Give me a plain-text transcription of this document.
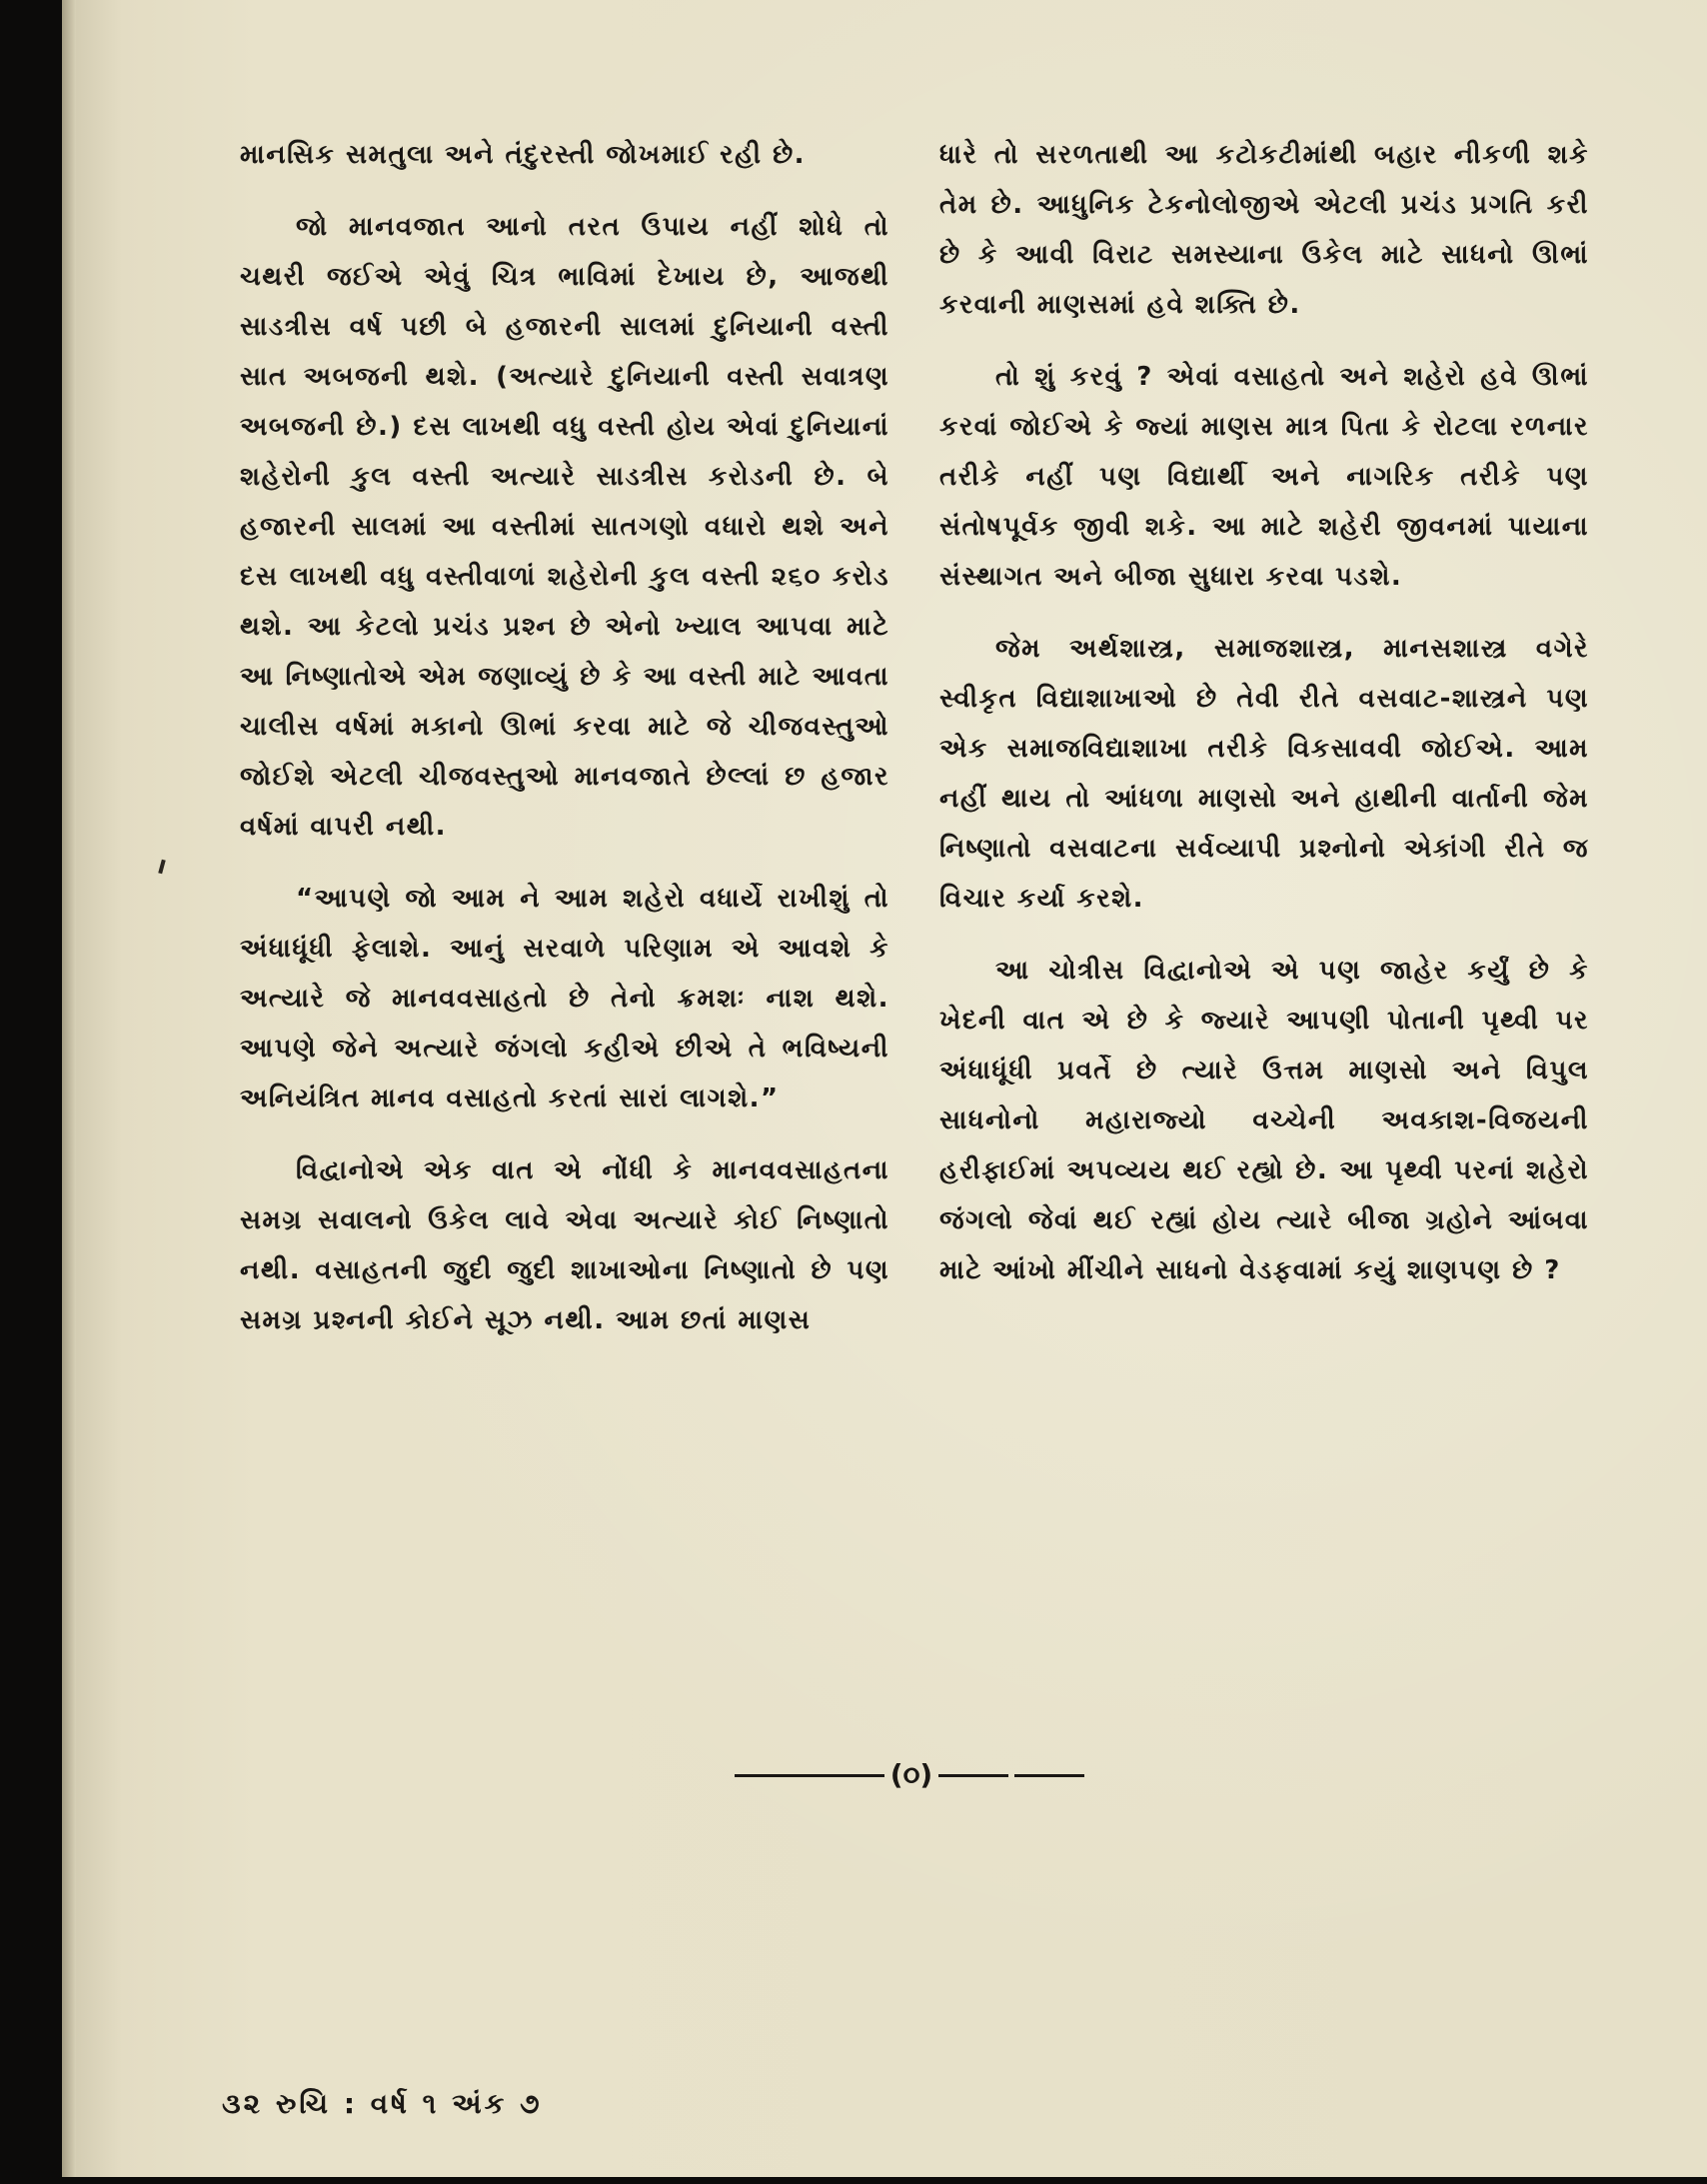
માનસિક સમતુલા અને તંદુરસ્તી જોખમાઈ રહી છે.

જો માનવજાત આનો તરત ઉપાય નહીં શોધે તો ચથરી જઈએ એવું ચિત્ર ભાવિમાં દેખાય છે, આજથી સાડત્રીસ વર્ષ પછી બે હજારની સાલમાં દુનિયાની વસ્તી સાત અબજની થશે. (અત્યારે દુનિયાની વસ્તી સવાત્રણ અબજની છે.) દસ લાખથી વધુ વસ્તી હોય એવાં દુનિયાનાં શહેરોની કુલ વસ્તી અત્યારે સાડત્રીસ કરોડની છે. બે હજારની સાલમાં આ વસ્તીમાં સાતગણો વધારો થશે અને દસ લાખથી વધુ વસ્તીવાળાં શહેરોની કુલ વસ્તી ૨૬૦ કરોડ થશે. આ કેટલો પ્રચંડ પ્રશ્ન છે એનો ખ્યાલ આપવા માટે આ નિષ્ણાતોએ એમ જણાવ્યું છે કે આ વસ્તી માટે આવતા ચાલીસ વર્ષમાં મકાનો ઊભાં કરવા માટે જે ચીજવસ્તુઓ જોઈશે એટલી ચીજવસ્તુઓ માનવજાતે છેલ્લાં છ હજાર વર્ષમાં વાપરી નથી.

“આપણે જો આમ ને આમ શહેરો વધાર્યે રાખીશું તો અંધાધૂંધી ફેલાશે. આનું સરવાળે પરિણામ એ આવશે કે અત્યારે જે માનવવસાહતો છે તેનો ક્રમશઃ નાશ થશે. આપણે જેને અત્યારે જંગલો કહીએ છીએ તે ભવિષ્યની અનિયંત્રિત માનવ વસાહતો કરતાં સારાં લાગશે.”

વિદ્વાનોએ એક વાત એ નોંધી કે માનવવસાહતના સમગ્ર સવાલનો ઉકેલ લાવે એવા અત્યારે કોઈ નિષ્ણાતો નથી. વસાહતની જુદી જુદી શાખાઓના નિષ્ણાતો છે પણ સમગ્ર પ્રશ્નની કોઈને સૂઝ નથી. આમ છતાં માણસ

ધારે તો સરળતાથી આ કટોકટીમાંથી બહાર નીકળી શકે તેમ છે. આધુનિક ટેકનોલોજીએ એટલી પ્રચંડ પ્રગતિ કરી છે કે આવી વિરાટ સમસ્યાના ઉકેલ માટે સાધનો ઊભાં કરવાની માણસમાં હવે શક્તિ છે.

તો શું કરવું ? એવાં વસાહતો અને શહેરો હવે ઊભાં કરવાં જોઈએ કે જ્યાં માણસ માત્ર પિતા કે રોટલા રળનાર તરીકે નહીં પણ વિદ્યાર્થી અને નાગરિક તરીકે પણ સંતોષપૂર્વક જીવી શકે. આ માટે શહેરી જીવનમાં પાયાના સંસ્થાગત અને બીજા સુધારા કરવા પડશે.

જેમ અર્થશાસ્ત્ર, સમાજશાસ્ત્ર, માનસશાસ્ત્ર વગેરે સ્વીકૃત વિદ્યાશાખાઓ છે તેવી રીતે વસવાટ-શાસ્ત્રને પણ એક સમાજવિદ્યાશાખા તરીકે વિકસાવવી જોઈએ. આમ નહીં થાય તો આંધળા માણસો અને હાથીની વાર્તાની જેમ નિષ્ણાતો વસવાટના સર્વવ્યાપી પ્રશ્નોનો એકાંગી રીતે જ વિચાર કર્યા કરશે.

આ ચોત્રીસ વિદ્વાનોએ એ પણ જાહેર કર્યું છે કે ખેદની વાત એ છે કે જ્યારે આપણી પોતાની પૃથ્વી પર અંધાધૂંધી પ્રવર્તે છે ત્યારે ઉત્તમ માણસો અને વિપુલ સાધનોનો મહારાજ્યો વચ્ચેની અવકાશ-વિજયની હરીફાઈમાં અપવ્યય થઈ રહ્યો છે. આ પૃથ્વી પરનાં શહેરો જંગલો જેવાં થઈ રહ્યાં હોય ત્યારે બીજા ગ્રહોને આંબવા માટે આંખો મીંચીને સાધનો વેડફવામાં કયું શાણપણ છે ?

(૦)
૩૨ રુચિ : વર્ષ ૧ અંક ૭
